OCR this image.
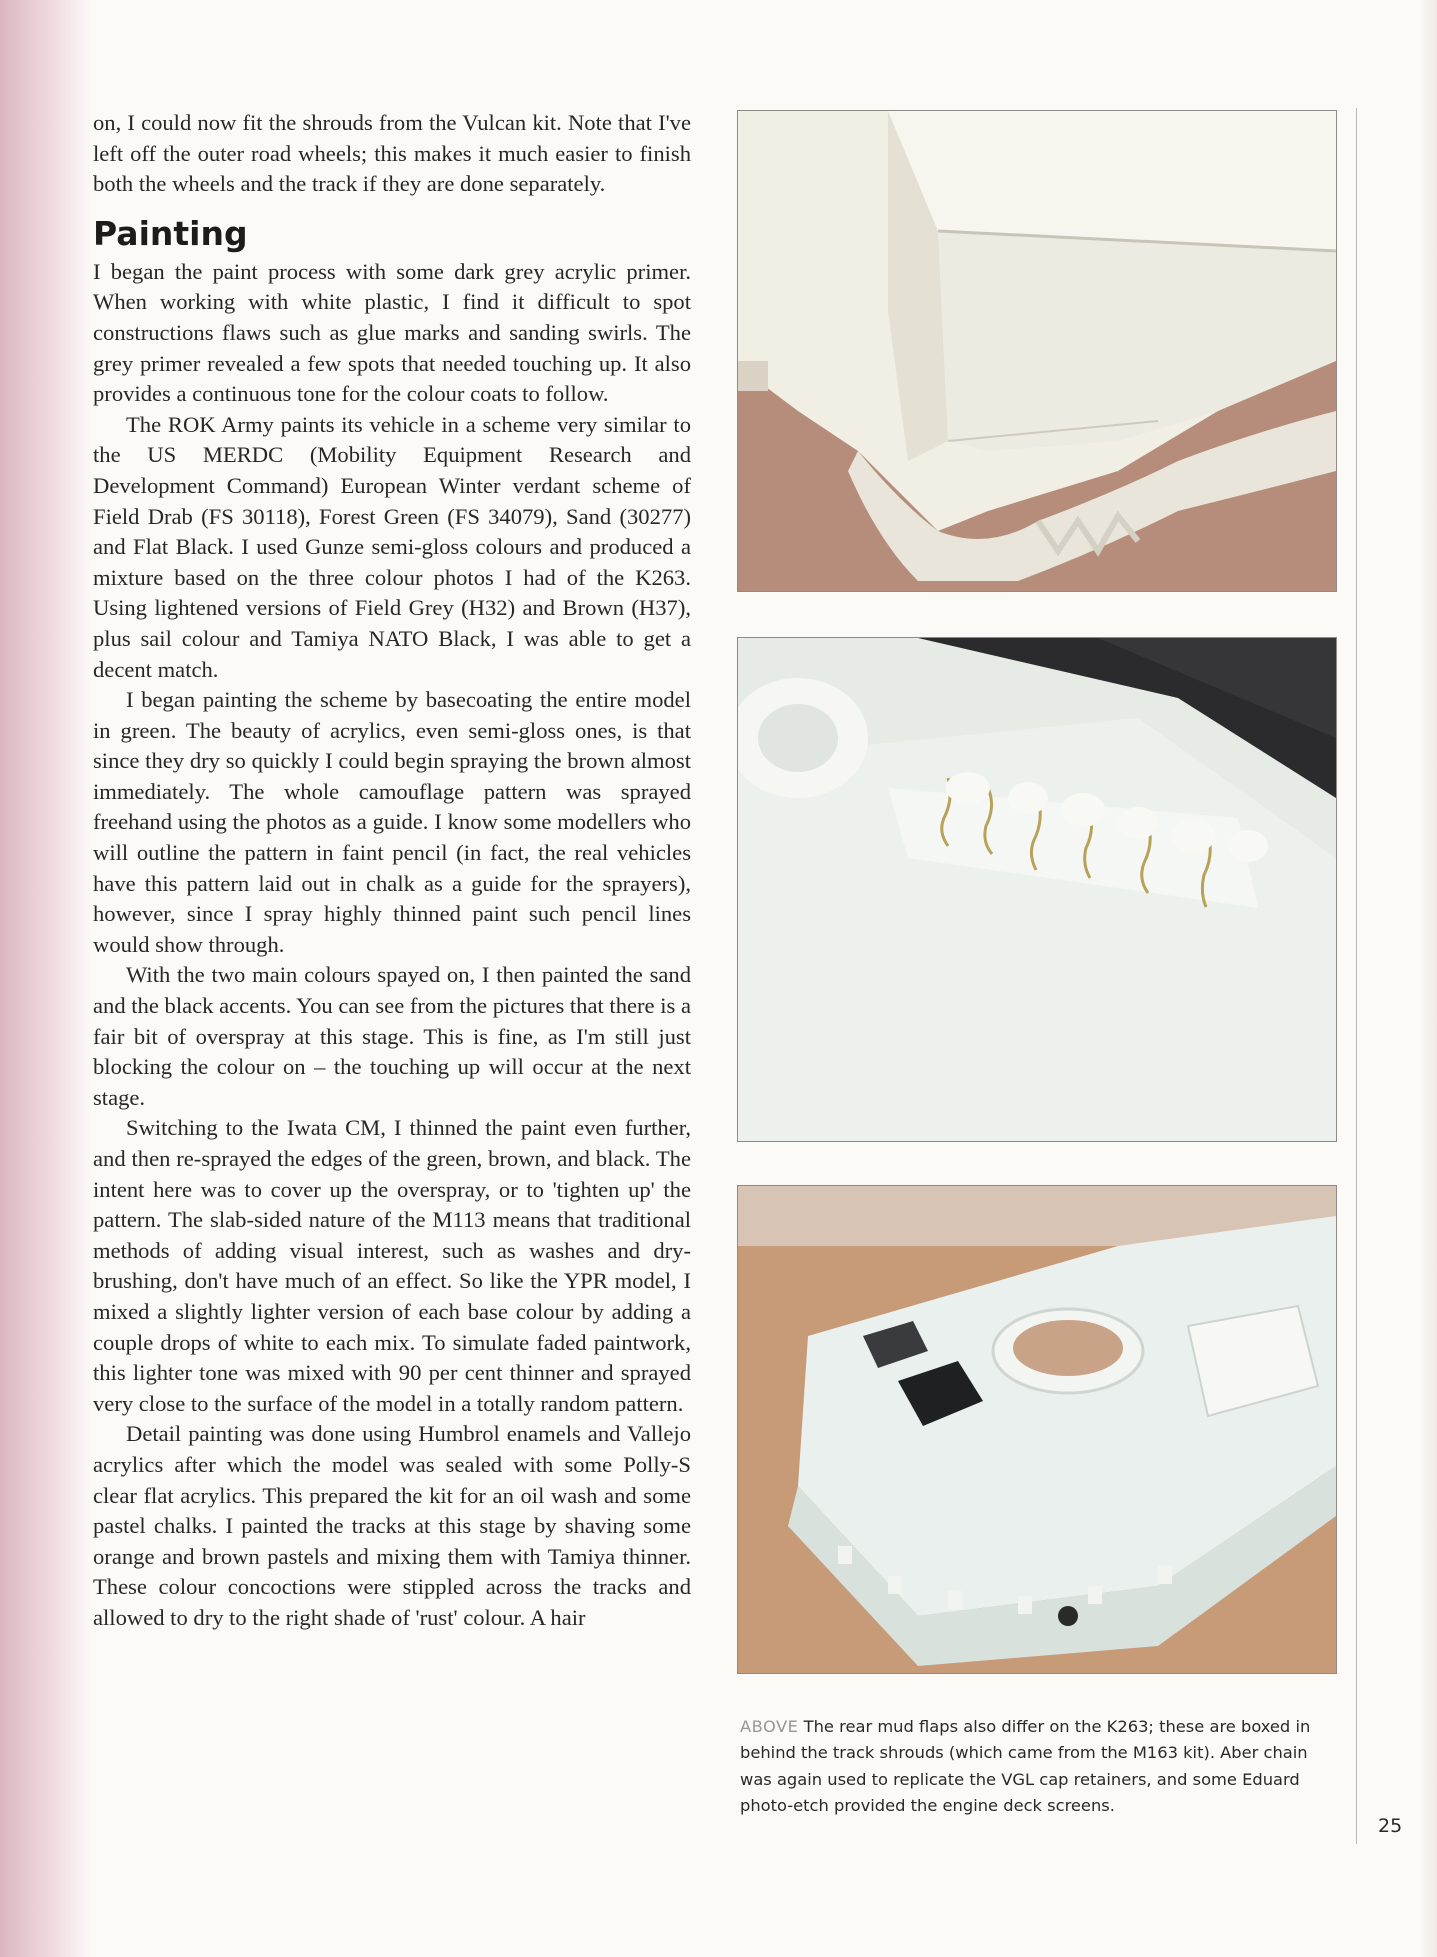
on, I could now fit the shrouds from the Vulcan kit. Note that I've left off the outer road wheels; this makes it much easier to finish both the wheels and the track if they are done separately.

Painting

I began the paint process with some dark grey acrylic primer. When working with white plastic, I find it difficult to spot constructions flaws such as glue marks and sanding swirls. The grey primer revealed a few spots that needed touching up. It also provides a continuous tone for the colour coats to follow.

The ROK Army paints its vehicle in a scheme very similar to the US MERDC (Mobility Equipment Research and Development Command) European Winter verdant scheme of Field Drab (FS 30118), Forest Green (FS 34079), Sand (30277) and Flat Black. I used Gunze semi-gloss colours and produced a mixture based on the three colour photos I had of the K263. Using lightened versions of Field Grey (H32) and Brown (H37), plus sail colour and Tamiya NATO Black, I was able to get a decent match.

I began painting the scheme by basecoating the entire model in green. The beauty of acrylics, even semi-gloss ones, is that since they dry so quickly I could begin spraying the brown almost immediately. The whole camouflage pattern was sprayed freehand using the photos as a guide. I know some modellers who will outline the pattern in faint pencil (in fact, the real vehicles have this pattern laid out in chalk as a guide for the sprayers), however, since I spray highly thinned paint such pencil lines would show through.

With the two main colours spayed on, I then painted the sand and the black accents. You can see from the pictures that there is a fair bit of overspray at this stage. This is fine, as I'm still just blocking the colour on – the touching up will occur at the next stage.

Switching to the Iwata CM, I thinned the paint even further, and then re-sprayed the edges of the green, brown, and black. The intent here was to cover up the overspray, or to 'tighten up' the pattern. The slab-sided nature of the M113 means that traditional methods of adding visual interest, such as washes and dry-brushing, don't have much of an effect. So like the YPR model, I mixed a slightly lighter version of each base colour by adding a couple drops of white to each mix. To simulate faded paintwork, this lighter tone was mixed with 90 per cent thinner and sprayed very close to the surface of the model in a totally random pattern.

Detail painting was done using Humbrol enamels and Vallejo acrylics after which the model was sealed with some Polly-S clear flat acrylics. This prepared the kit for an oil wash and some pastel chalks. I painted the tracks at this stage by shaving some orange and brown pastels and mixing them with Tamiya thinner. These colour concoctions were stippled across the tracks and allowed to dry to the right shade of 'rust' colour. A hair

ABOVE The rear mud flaps also differ on the K263; these are boxed in behind the track shrouds (which came from the M163 kit). Aber chain was again used to replicate the VGL cap retainers, and some Eduard photo-etch provided the engine deck screens.
25
